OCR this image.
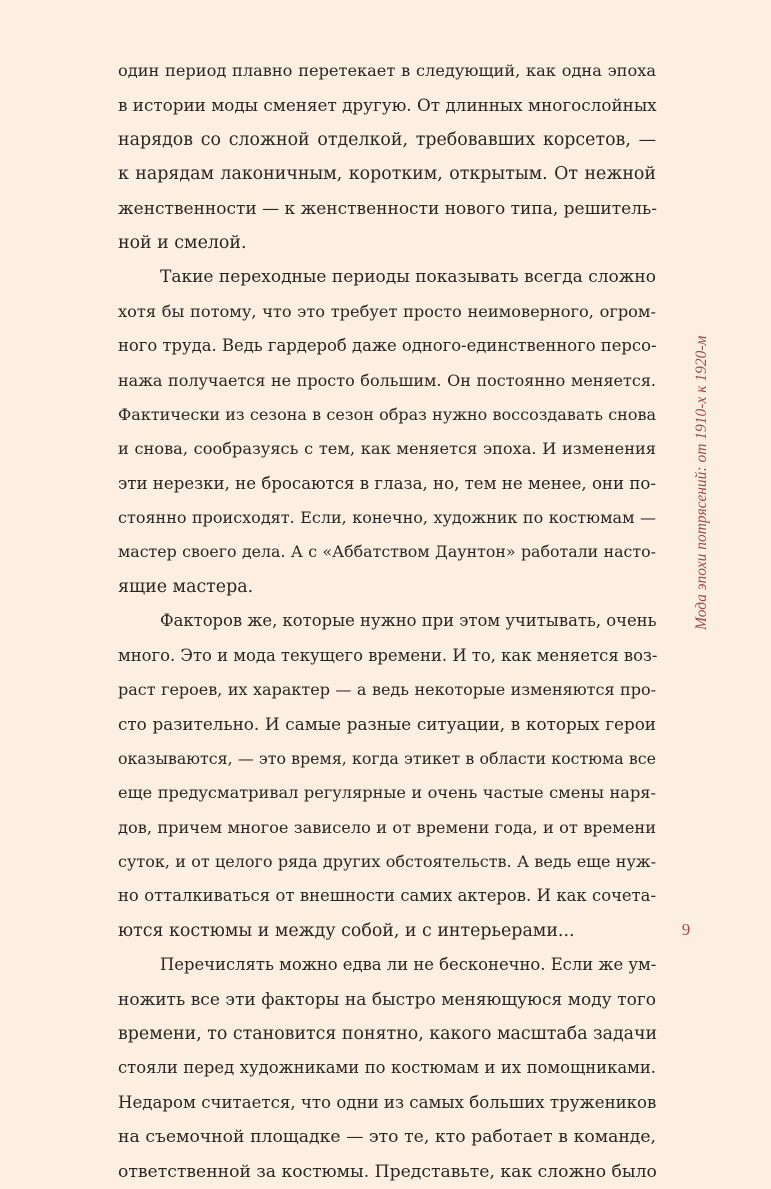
один период плавно перетекает в следующий, как одна эпоха
в истории моды сменяет другую. От длинных многослойных
нарядов со сложной отделкой, требовавших корсетов, —
к нарядам лаконичным, коротким, открытым. От нежной
женственности — к женственности нового типа, решитель-
ной и смелой.
Такие переходные периоды показывать всегда сложно
хотя бы потому, что это требует просто неимоверного, огром-
ного труда. Ведь гардероб даже одного-единственного персо-
нажа получается не просто большим. Он постоянно меняется.
Фактически из сезона в сезон образ нужно воссоздавать снова
и снова, сообразуясь с тем, как меняется эпоха. И изменения
эти нерезки, не бросаются в глаза, но, тем не менее, они по-
стоянно происходят. Если, конечно, художник по костюмам —
мастер своего дела. А с «Аббатством Даунтон» работали насто-
ящие мастера.
Факторов же, которые нужно при этом учитывать, очень
много. Это и мода текущего времени. И то, как меняется воз-
раст героев, их характер — а ведь некоторые изменяются про-
сто разительно. И самые разные ситуации, в которых герои
оказываются, — это время, когда этикет в области костюма все
еще предусматривал регулярные и очень частые смены наря-
дов, причем многое зависело и от времени года, и от времени
суток, и от целого ряда других обстоятельств. А ведь еще нуж-
но отталкиваться от внешности самих актеров. И как сочета-
ются костюмы и между собой, и с интерьерами...
Перечислять можно едва ли не бесконечно. Если же ум-
ножить все эти факторы на быстро меняющуюся моду того
времени, то становится понятно, какого масштаба задачи
стояли перед художниками по костюмам и их помощниками.
Недаром считается, что одни из самых больших тружеников
на съемочной площадке — это те, кто работает в команде,
ответственной за костюмы. Представьте, как сложно было
Мода эпохи потрясений: от 1910-х к 1920-м
9
